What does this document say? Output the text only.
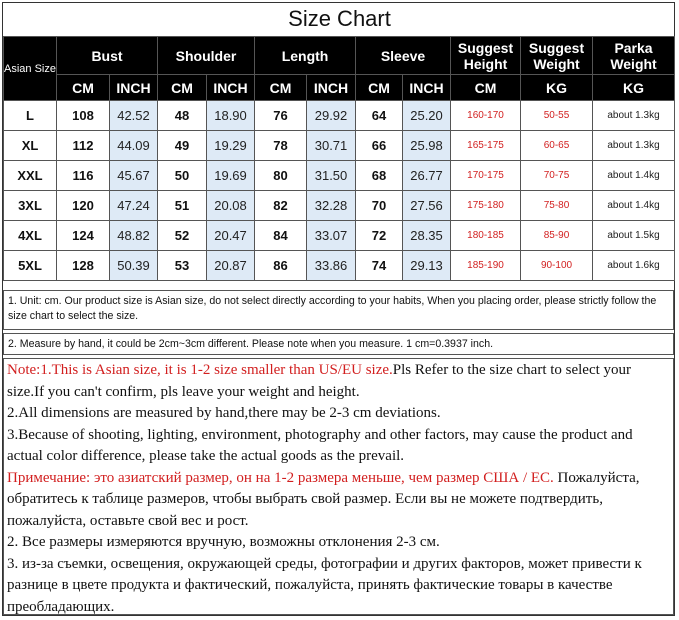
Size Chart
Asian Size	Bust		Shoulder		Length		Sleeve		Suggest Height	Suggest Weight	Parka Weight
	CM	INCH	CM	INCH	CM	INCH	CM	INCH	CM	KG	KG
L	108	42.52	48	18.90	76	29.92	64	25.20	160-170	50-55	about 1.3kg
XL	112	44.09	49	19.29	78	30.71	66	25.98	165-175	60-65	about 1.3kg
XXL	116	45.67	50	19.69	80	31.50	68	26.77	170-175	70-75	about 1.4kg
3XL	120	47.24	51	20.08	82	32.28	70	27.56	175-180	75-80	about 1.4kg
4XL	124	48.82	52	20.47	84	33.07	72	28.35	180-185	85-90	about 1.5kg
5XL	128	50.39	53	20.87	86	33.86	74	29.13	185-190	90-100	about 1.6kg
1. Unit: cm. Our product size is Asian size, do not select directly according to your habits, When you placing order, please strictly follow the size chart to select the size.
2. Measure by hand, it could be 2cm~3cm different. Please note when you measure. 1 cm=0.3937 inch.

Note:1.This is Asian size, it is 1-2 size smaller than US/EU size.Pls Refer to the size chart to select your size.If you can't confirm, pls leave your weight and height.

2.All dimensions are measured by hand,there may be 2-3 cm deviations.

3.Because of shooting, lighting, environment, photography and other factors, may cause the product and actual color difference, please take the actual goods as the prevail.

Примечание: это азиатский размер, он на 1-2 размера меньше, чем размер США / ЕС. Пожалуйста, обратитесь к таблице размеров, чтобы выбрать свой размер. Если вы не можете подтвердить, пожалуйста, оставьте свой вес и рост.

2. Все размеры измеряются вручную, возможны отклонения 2-3 см.

3. из-за съемки, освещения, окружающей среды, фотографии и других факторов, может привести к разнице в цвете продукта и фактический, пожалуйста, принять фактические товары в качестве преобладающих.
